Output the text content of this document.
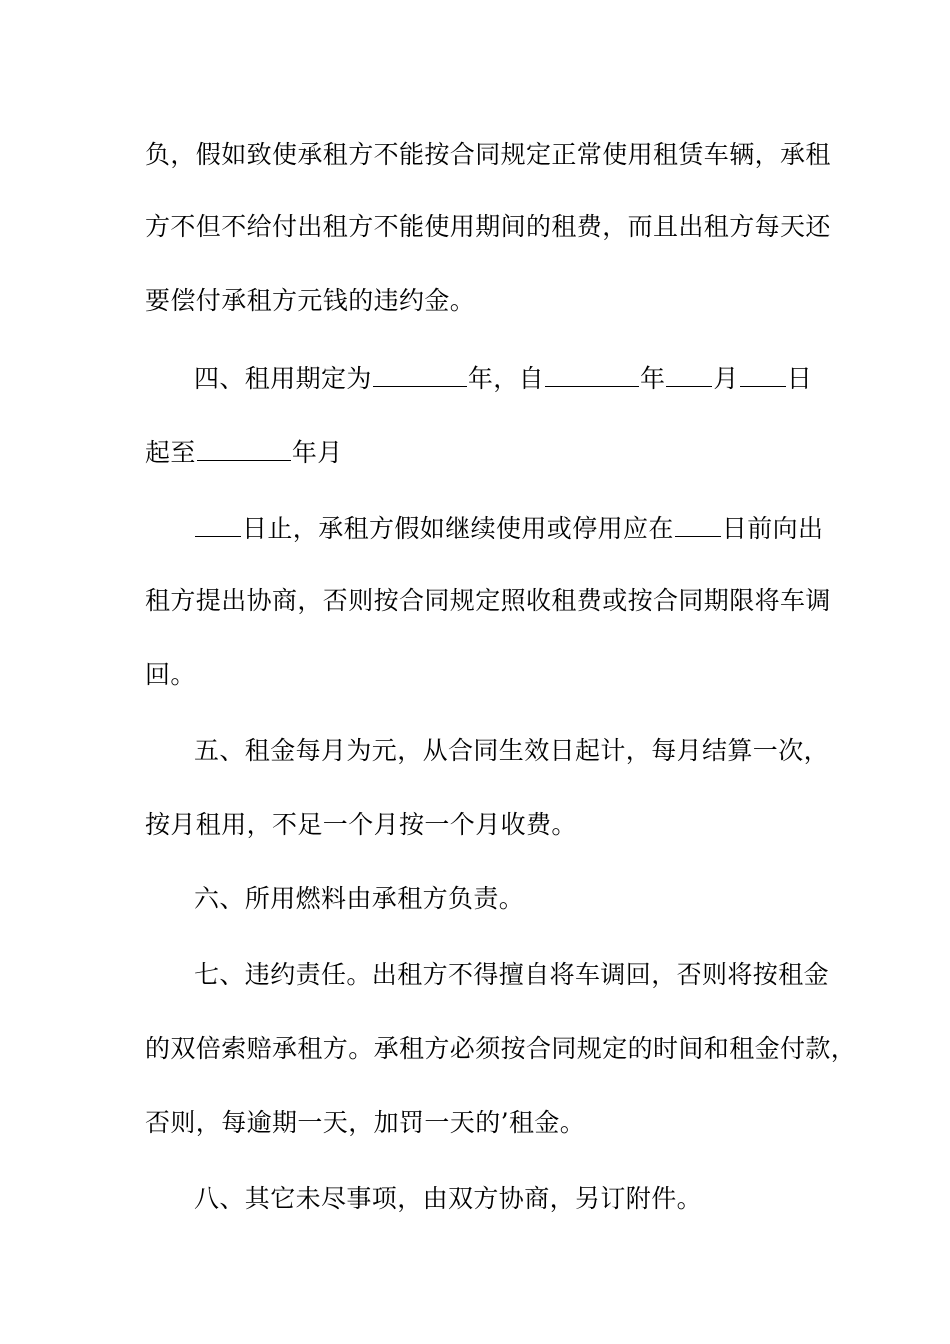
负，假如致使承租方不能按合同规定正常使用租赁车辆，承租
方不但不给付出租方不能使用期间的租费，而且出租方每天还
要偿付承租方元钱的违约金。
四、租用期定为	年，自	年 月 日
起至	年月
日止，承租方假如继续使用或停用应在 日前向出
租方提出协商，否则按合同规定照收租费或按合同期限将车调
回。
五、租金每月为元，从合同生效日起计，每月结算一次，
按月租用，不足一个月按一个月收费。
六、所用燃料由承租方负责。
七、违约责任。出租方不得擅自将车调回，否则将按租金
的双倍索赔承租方。承租方必须按合同规定的时间和租金付款，
否则，每逾期一天，加罚一天的’租金。
八、其它未尽事项，由双方协商，另订附件。
